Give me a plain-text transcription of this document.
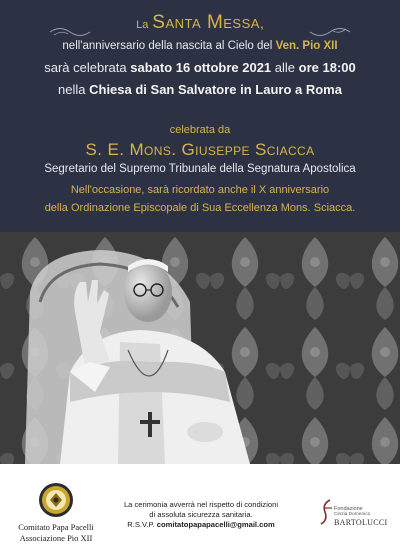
La Santa Messa,
nell'anniversario della nascita al Cielo del Ven. Pio XII
sarà celebrata sabato 16 ottobre 2021 alle ore 18:00
nella Chiesa di San Salvatore in Lauro a Roma
celebrata da
S. E. Mons. Giuseppe Sciacca
Segretario del Supremo Tribunale della Segnatura Apostolica
Nell'occasione, sarà ricordato anche il X anniversario
della Ordinazione Episcopale di Sua Eccellenza Mons. Sciacca.
Comitato Papa Pacelli
Associazione Pio XII
La cerimonia avverrà nel rispetto di condizioni
di assoluta sicurezza sanitaria.
R.S.V.P. comitatopapapacelli@gmail.com
Fondazione
Cinzia Domenico
BARTOLUCCI
